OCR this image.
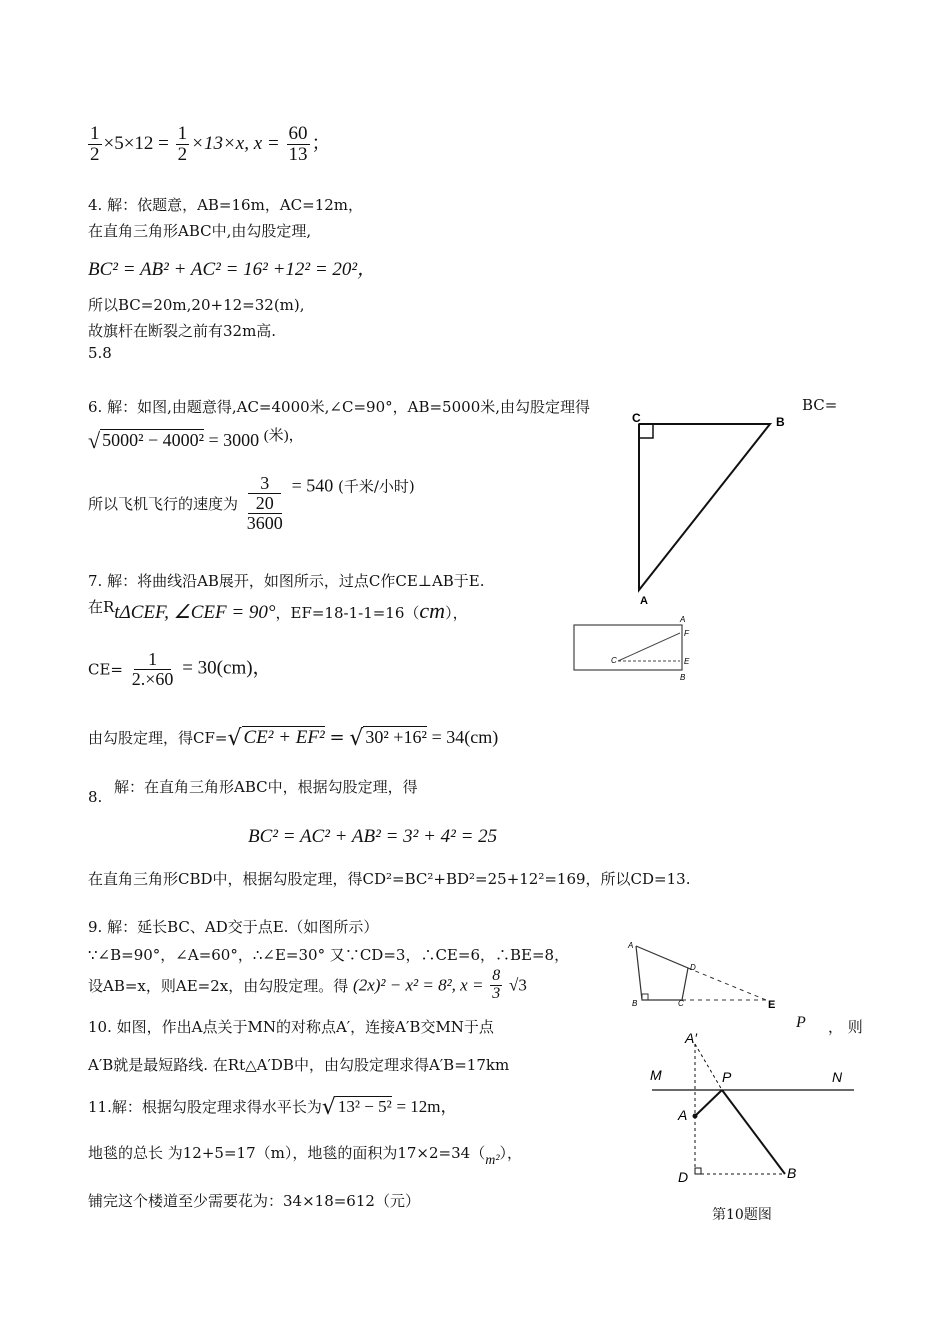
$\frac{1}{2} \times 5\times 12 = \frac{1}{2} \times 13\times x$, $x = \frac{60}{13}$ ；
4. 解：依题意，AB=16m，AC=12m，
在直角三角形ABC中,由勾股定理,
BC² = AB² + AC² = 16² +12² = 20²，
所以BC=20m,20+12=32(m),
故旗杆在断裂之前有32m高.
5.8
6. 解：如图,由题意得,AC=4000米,∠C=90°，AB=5000米,由勾股定理得	BC=
√ 5000² − 4000² = 3000 $^{(米),}$
所以飞机飞行的速度为
3
20
3600
= 540 (千米/小时)
C	B
A
7. 解：将曲线沿AB展开，如图所示，过点C作CE⊥AB于E.
在RtΔCEF, ∠CEF = 90°，EF=18-1-1=16（cm），
$CE= \frac{1}{2.\times 60} = 30(cm)$，
由勾股定理，得CF=√ CE² + EF² = √ 30² +16² = 34(cm)
A
F
C	E
B
8.
解：在直角三角形ABC中，根据勾股定理，得
BC² = AC² + AB² = 3² + 4² = 25
在直角三角形CBD中，根据勾股定理，得CD²=BC²+BD²=25+12²=169，所以CD=13.
9. 解：延长BC、AD交于点E.（如图所示）
∵∠B=90°，∠A=60°，∴∠E=30° 又∵CD=3，∴CE=6，∴BE=8，
设AB=x，则AE=2x，由勾股定理。得 (2x)² − x² = 8², $x = \frac{8}{3} √3$
A
D
B	C	E
10. 如图，作出A点关于MN的对称点A′，连接A′B交MN于点	P ， 则
A′B就是最短路线. 在Rt△A′DB中，由勾股定理求得A′B=17km
A′
M	P	N
A
D	B
第10题图
11.解：根据勾股定理求得水平长为√ 13² − 5² = 12m，
地毯的总长 为12+5=17（m），地毯的面积为17×2=34（m²），
铺完这个楼道至少需要花为：34×18=612（元）
